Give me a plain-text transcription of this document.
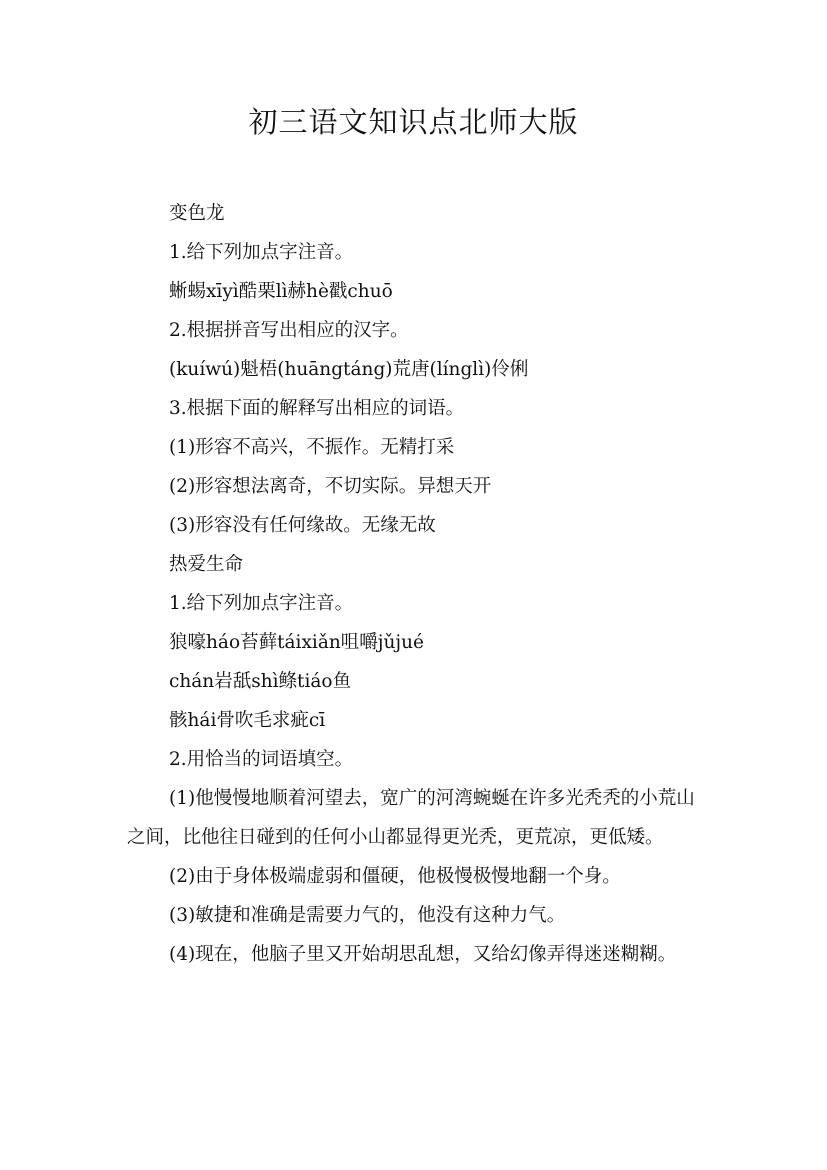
初三语文知识点北师大版
变色龙
1.给下列加点字注音。
蜥蜴xīyì酷栗lì赫hè戳chuō
2.根据拼音写出相应的汉字。
(kuíwú)魁梧(huāngtáng)荒唐(línglì)伶俐
3.根据下面的解释写出相应的词语。
(1)形容不高兴，不振作。无精打采
(2)形容想法离奇，不切实际。异想天开
(3)形容没有任何缘故。无缘无故
热爱生命
1.给下列加点字注音。
狼嚎háo苔藓táixiǎn咀嚼jǔjué
chán岩舐shì鲦tiáo鱼
骸hái骨吹毛求疵cī
2.用恰当的词语填空。
(1)他慢慢地顺着河望去，宽广的河湾蜿蜒在许多光秃秃的小荒山之间，比他往日碰到的任何小山都显得更光秃，更荒凉，更低矮。
(2)由于身体极端虚弱和僵硬，他极慢极慢地翻一个身。
(3)敏捷和准确是需要力气的，他没有这种力气。
(4)现在，他脑子里又开始胡思乱想，又给幻像弄得迷迷糊糊。
